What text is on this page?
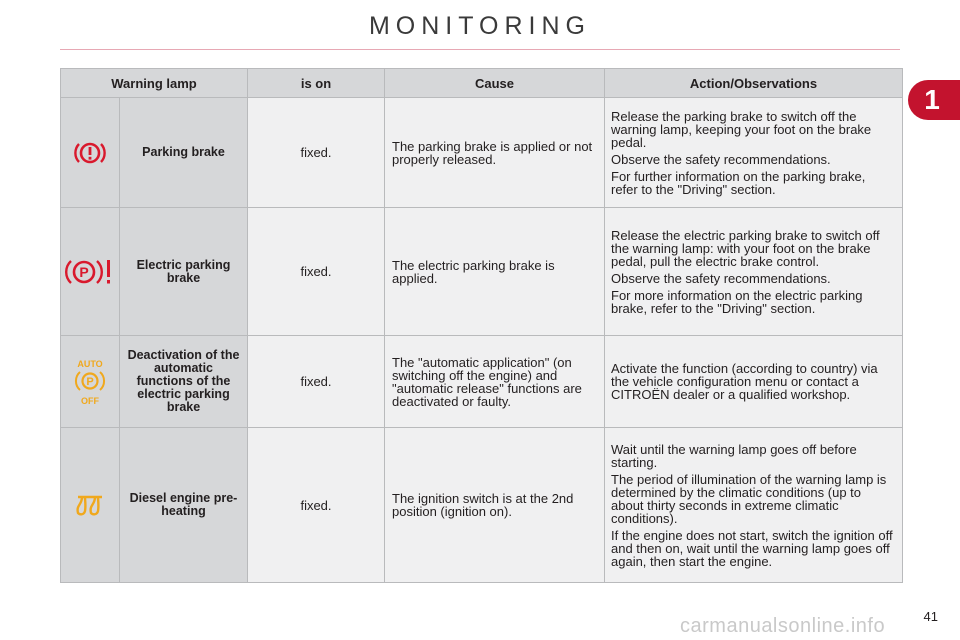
MONITORING
1
Warning lamp		is on	Cause	Action/Observations
	Parking brake	fixed.	The parking brake is applied or not properly released.	Release the parking brake to switch off the warning lamp, keeping your foot on the brake pedal.

Observe the safety recommendations.

For further information on the parking brake, refer to the "Driving" section.

P	Electric parking brake	fixed.	The electric parking brake is applied.	Release the electric parking brake to switch off the warning lamp: with your foot on the brake pedal, pull the electric brake control.

Observe the safety recommendations.

For more information on the electric parking brake, refer to the "Driving" section.

AUTO
P
OFF	Deactivation of the automatic functions of the electric parking brake	fixed.	The "automatic application" (on switching off the engine) and "automatic release" functions are deactivated or faulty.	Activate the function (according to country) via the vehicle configuration menu or contact a CITROËN dealer or a qualified workshop.

	Diesel engine pre-heating	fixed.	The ignition switch is at the 2nd position (ignition on).	Wait until the warning lamp goes off before starting.

The period of illumination of the warning lamp is determined by the climatic conditions (up to about thirty seconds in extreme climatic conditions).

If the engine does not start, switch the ignition off and then on, wait until the warning lamp goes off again, then start the engine.

41
carmanualsonline.info
